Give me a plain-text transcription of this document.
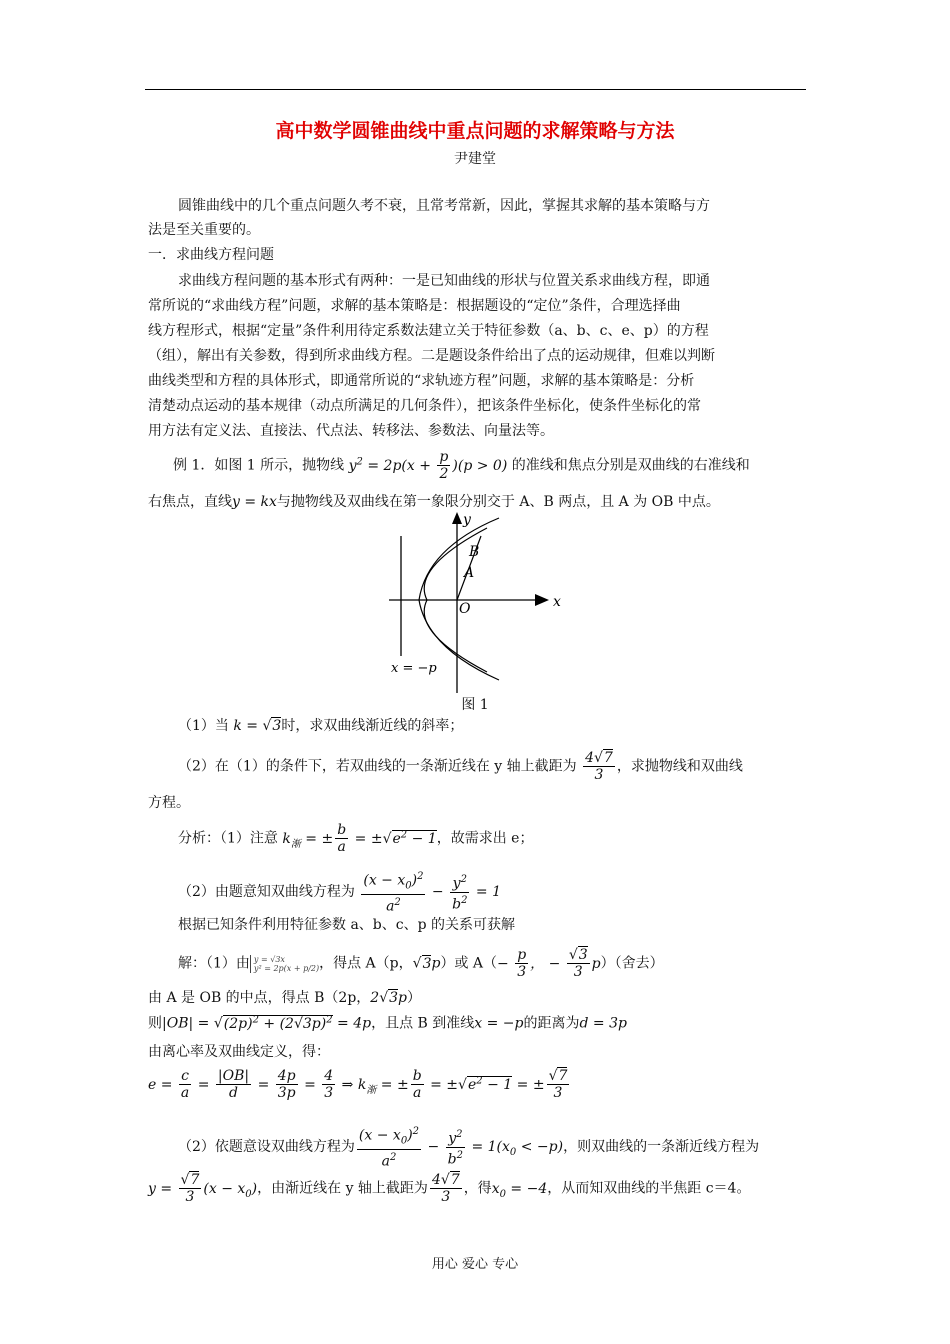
高中数学圆锥曲线中重点问题的求解策略与方法
尹建堂
圆锥曲线中的几个重点问题久考不衰，且常考常新，因此，掌握其求解的基本策略与方
法是至关重要的。
一．求曲线方程问题
求曲线方程问题的基本形式有两种：一是已知曲线的形状与位置关系求曲线方程，即通
常所说的“求曲线方程”问题，求解的基本策略是：根据题设的“定位”条件，合理选择曲
线方程形式，根据“定量”条件利用待定系数法建立关于特征参数（a、b、c、e、p）的方程
（组），解出有关参数，得到所求曲线方程。二是题设条件给出了点的运动规律，但难以判断
曲线类型和方程的具体形式，即通常所说的“求轨迹方程”问题，求解的基本策略是：分析
清楚动点运动的基本规律（动点所满足的几何条件），把该条件坐标化，使条件坐标化的常
用方法有定义法、直接法、代点法、转移法、参数法、向量法等。
例 1．如图 1 所示，抛物线 $y^2 = 2p(x + \frac{p}{2} )(p > 0)$ 的准线和焦点分别是双曲线的右准线和
右焦点，直线y = kx与抛物线及双曲线在第一象限分别交于 A、B 两点，且 A 为 OB 中点。
y
x
B
A
O
x = −p
图 1
（1）当 k = √3时，求双曲线渐近线的斜率；
（2）在（1）的条件下，若双曲线的一条渐近线在 y 轴上截距为 $\frac{4√7}{3}$ ，求抛物线和双曲线
方程。
分析：（1）注意 $k_渐$ = ± $\frac{b}{a} = \pm√e^2 - 1$，故需求出 e；
（2）由题意知双曲线方程为 $\frac{(x - x_0)^2}{a^2} - \frac{y^2}{b^2} = 1$
根据已知条件利用特征参数 a、b、c、p 的关系可获解
解：（1）由 y = √3x
y² = 2p(x + p/2)，得点 A（p，√3p）或 $A(- \frac{p}{3}$ ， − $\frac{√3}{3} p$）（舍去）
由 A 是 OB 的中点，得点 B（2p，2√3p）
则$|OB| = √(2p)^2 + (2√3p)^2 = 4p$，且点 B 到准线x = −p的距离为d = 3p
由离心率及双曲线定义，得：
$e = \frac{c}{a} = \frac{|OB|}{d} = \frac{4p}{3p} = \frac{4}{3}$ ⇒ $k_渐$ = ± $\frac{b}{a} = \pm√e^2 - 1$ = ± $\frac{√7}{3}$
（2）依题意设双曲线方程为 $\frac{(x - x_0)^2}{a^2} - \frac{y^2}{b^2} = 1(x_0 < -p)$，则双曲线的一条渐近线方程为
$y = \frac{√7}{3} (x - x_0)$，由渐近线在 y 轴上截距为 $\frac{4√7}{3}$ ，得$x_0 = -4$，从而知双曲线的半焦距 c＝4。
用心 爱心 专心
